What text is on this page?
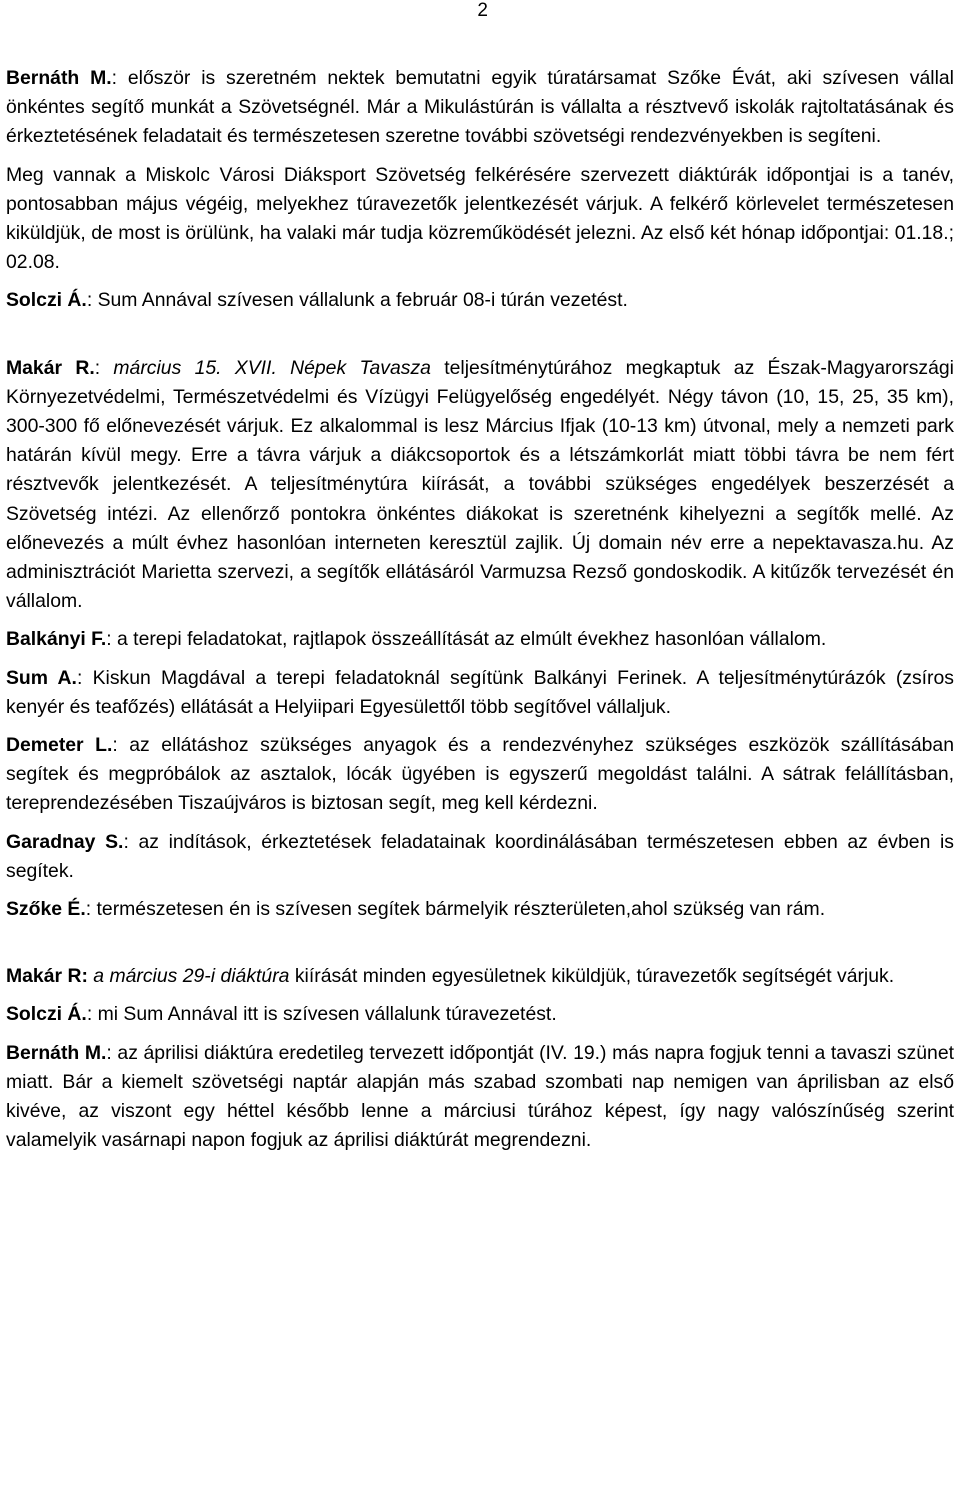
2

Bernáth M.: először is szeretném nektek bemutatni egyik túratársamat Szőke Évát, aki szívesen vállal önkéntes segítő munkát a Szövetségnél. Már a Mikulástúrán is vállalta a résztvevő iskolák rajtoltatásának és érkeztetésének feladatait és természetesen szeretne további szövetségi rendezvényekben is segíteni.

Meg vannak a Miskolc Városi Diáksport Szövetség felkérésére szervezett diáktúrák időpontjai is a tanév, pontosabban május végéig, melyekhez túravezetők jelentkezését várjuk. A felkérő körlevelet természetesen kiküldjük, de most is örülünk, ha valaki már tudja közreműködését jelezni. Az első két hónap időpontjai: 01.18.; 02.08.

Solczi Á.: Sum Annával szívesen vállalunk a február 08-i túrán vezetést.

Makár R.: március 15. XVII. Népek Tavasza teljesítménytúrához megkaptuk az Észak-Magyarországi Környezetvédelmi, Természetvédelmi és Vízügyi Felügyelőség engedélyét. Négy távon (10, 15, 25, 35 km), 300-300 fő előnevezését várjuk. Ez alkalommal is lesz Március Ifjak (10-13 km) útvonal, mely a nemzeti park határán kívül megy. Erre a távra várjuk a diákcsoportok és a létszámkorlát miatt többi távra be nem fért résztvevők jelentkezését. A teljesítménytúra kiírását, a további szükséges engedélyek beszerzését a Szövetség intézi. Az ellenőrző pontokra önkéntes diákokat is szeretnénk kihelyezni a segítők mellé. Az előnevezés a múlt évhez hasonlóan interneten keresztül zajlik. Új domain név erre a nepektavasza.hu. Az adminisztrációt Marietta szervezi, a segítők ellátásáról Varmuzsa Rezső gondoskodik. A kitűzők tervezését én vállalom.

Balkányi F.: a terepi feladatokat, rajtlapok összeállítását az elmúlt évekhez hasonlóan vállalom.

Sum A.: Kiskun Magdával a terepi feladatoknál segítünk Balkányi Ferinek. A teljesítménytúrázók (zsíros kenyér és teafőzés) ellátását a Helyiipari Egyesülettől több segítővel vállaljuk.

Demeter L.: az ellátáshoz szükséges anyagok és a rendezvényhez szükséges eszközök szállításában segítek és megpróbálok az asztalok, lócák ügyében is egyszerű megoldást találni. A sátrak felállításban, tereprendezésében Tiszaújváros is biztosan segít, meg kell kérdezni.

Garadnay S.: az indítások, érkeztetések feladatainak koordinálásában természetesen ebben az évben is segítek.

Szőke É.: természetesen én is szívesen segítek bármelyik részterületen,ahol szükség van rám.

Makár R: a március 29-i diáktúra kiírását minden egyesületnek kiküldjük, túravezetők segítségét várjuk.

Solczi Á.: mi Sum Annával itt is szívesen vállalunk túravezetést.

Bernáth M.: az áprilisi diáktúra eredetileg tervezett időpontját (IV. 19.) más napra fogjuk tenni a tavaszi szünet miatt. Bár a kiemelt szövetségi naptár alapján más szabad szombati nap nemigen van áprilisban az első kivéve, az viszont egy héttel később lenne a márciusi túrához képest, így nagy valószínűség szerint valamelyik vasárnapi napon fogjuk az áprilisi diáktúrát megrendezni.
